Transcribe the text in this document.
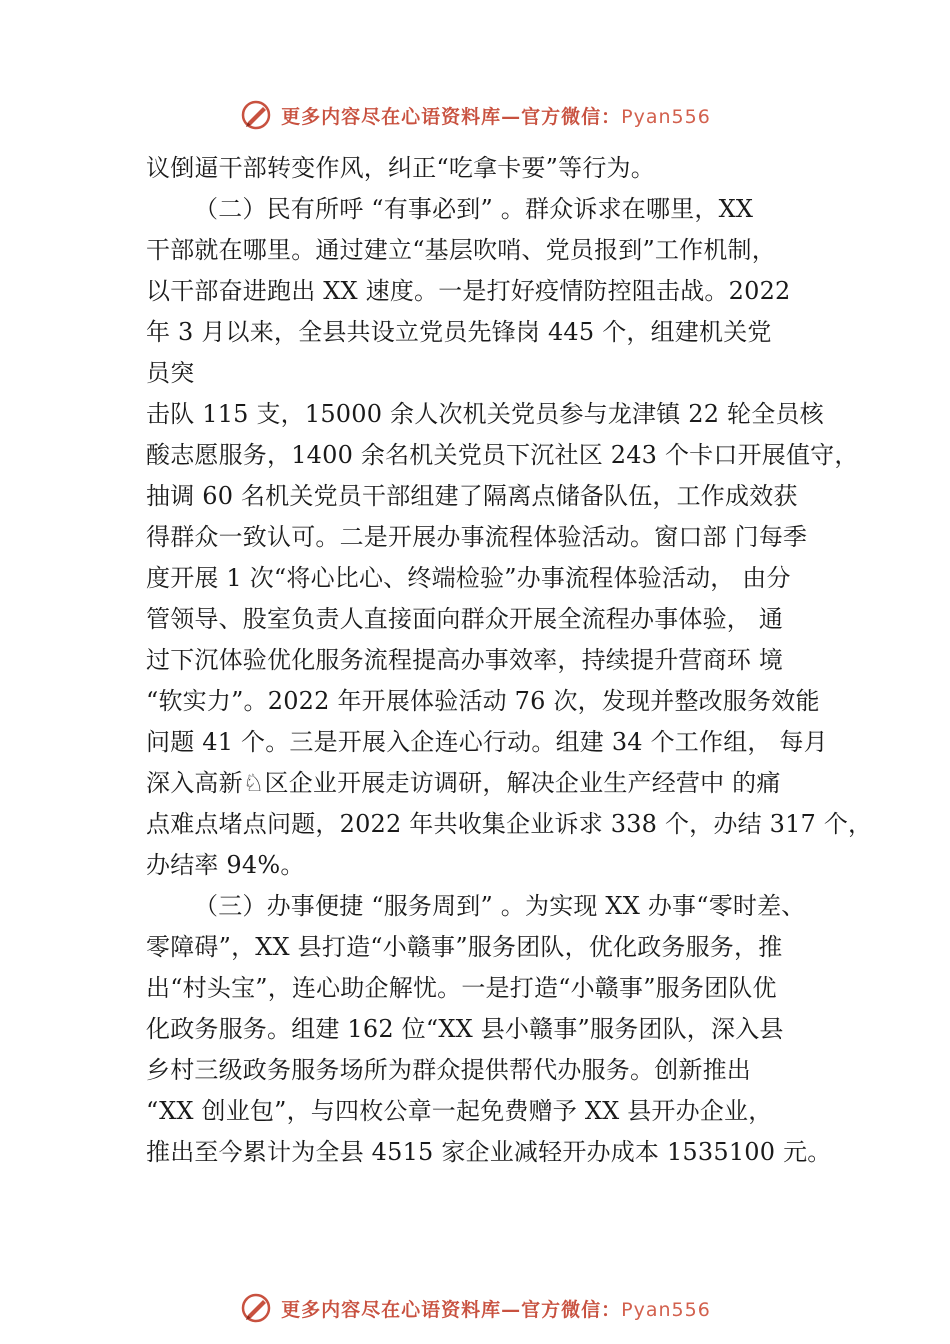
更多内容尽在心语资料库—官方微信：Pyan556
议倒逼干部转变作风，纠正“吃拿卡要”等行为。
（二）民有所呼 “有事必到” 。群众诉求在哪里，XX
干部就在哪里。通过建立“基层吹哨、党员报到”工作机制，
以干部奋进跑出 XX 速度。一是打好疫情防控阻击战。2022
年 3 月以来，全县共设立党员先锋岗 445 个，组建机关党
员突
击队 115 支，15000 余人次机关党员参与龙津镇 22 轮全员核
酸志愿服务，1400 余名机关党员下沉社区 243 个卡口开展值守，
抽调 60 名机关党员干部组建了隔离点储备队伍，工作成效获
得群众一致认可。二是开展办事流程体验活动。窗口部 门每季
度开展 1 次“将心比心、终端检验”办事流程体验活动， 由分
管领导、股室负责人直接面向群众开展全流程办事体验， 通
过下沉体验优化服务流程提高办事效率，持续提升营商环 境
“软实力”。2022 年开展体验活动 76 次，发现并整改服务效能
问题 41 个。三是开展入企连心行动。组建 34 个工作组， 每月
深入高新♘区企业开展走访调研，解决企业生产经营中 的痛
点难点堵点问题，2022 年共收集企业诉求 338 个，办结 317 个，
办结率 94%。
（三）办事便捷 “服务周到” 。为实现 XX 办事“零时差、
零障碍”，XX 县打造“小赣事”服务团队，优化政务服务，推
出“村头宝”，连心助企解忧。一是打造“小赣事”服务团队优
化政务服务。组建 162 位“XX 县小赣事”服务团队，深入县
乡村三级政务服务场所为群众提供帮代办服务。创新推出
“XX 创业包”，与四枚公章一起免费赠予 XX 县开办企业，
推出至今累计为全县 4515 家企业减轻开办成本 1535100 元。
更多内容尽在心语资料库—官方微信：Pyan556
